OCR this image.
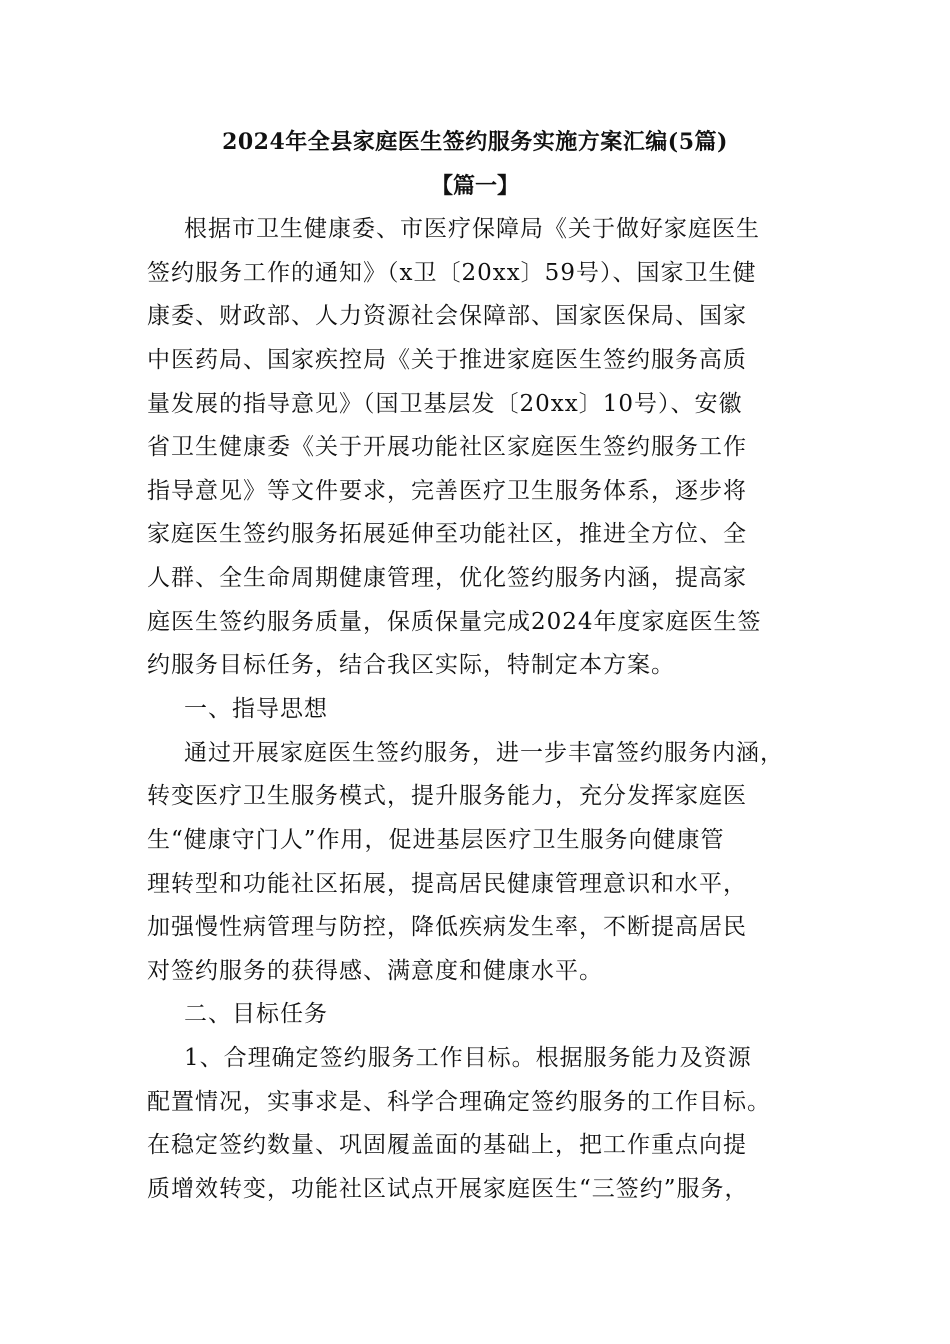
2024年全县家庭医生签约服务实施方案汇编(5篇)
【篇一】
根据市卫生健康委、市医疗保障局《关于做好家庭医生
签约服务工作的通知》（x卫〔20xx〕59号）、国家卫生健
康委、财政部、人力资源社会保障部、国家医保局、国家
中医药局、国家疾控局《关于推进家庭医生签约服务高质
量发展的指导意见》（国卫基层发〔20xx〕10号）、安徽
省卫生健康委《关于开展功能社区家庭医生签约服务工作
指导意见》等文件要求，完善医疗卫生服务体系，逐步将
家庭医生签约服务拓展延伸至功能社区，推进全方位、全
人群、全生命周期健康管理，优化签约服务内涵，提高家
庭医生签约服务质量，保质保量完成2024年度家庭医生签
约服务目标任务，结合我区实际，特制定本方案。
一、指导思想
通过开展家庭医生签约服务，进一步丰富签约服务内涵，
转变医疗卫生服务模式，提升服务能力，充分发挥家庭医
生“健康守门人”作用，促进基层医疗卫生服务向健康管
理转型和功能社区拓展，提高居民健康管理意识和水平，
加强慢性病管理与防控，降低疾病发生率，不断提高居民
对签约服务的获得感、满意度和健康水平。
二、目标任务
1、合理确定签约服务工作目标。根据服务能力及资源
配置情况，实事求是、科学合理确定签约服务的工作目标。
在稳定签约数量、巩固履盖面的基础上，把工作重点向提
质增效转变，功能社区试点开展家庭医生“三签约”服务，
